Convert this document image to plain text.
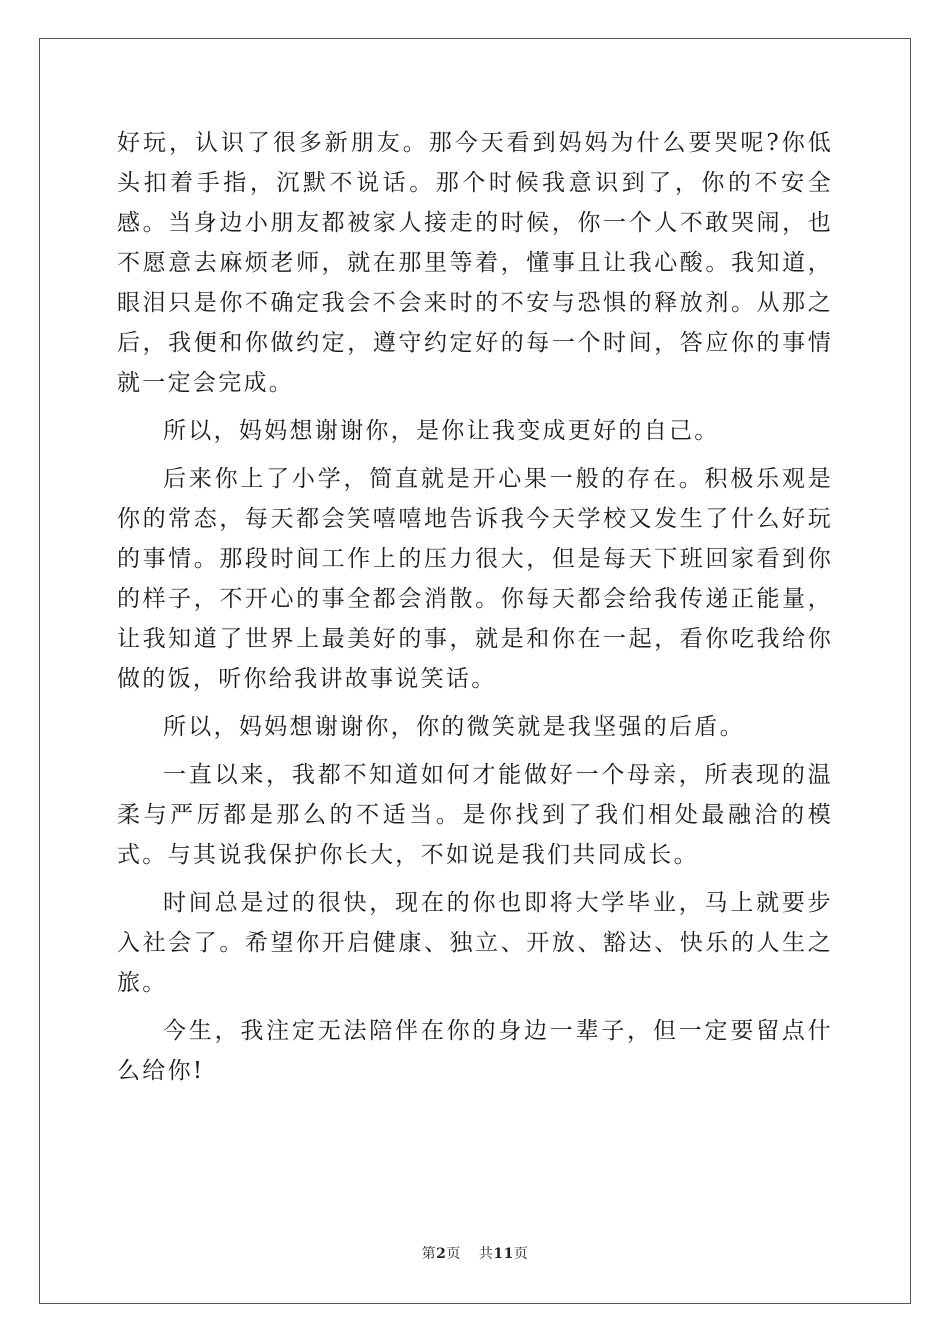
好玩，认识了很多新朋友。那今天看到妈妈为什么要哭呢?你低头扣着手指，沉默不说话。那个时候我意识到了，你的不安全感。当身边小朋友都被家人接走的时候，你一个人不敢哭闹，也不愿意去麻烦老师，就在那里等着，懂事且让我心酸。我知道，眼泪只是你不确定我会不会来时的不安与恐惧的释放剂。从那之后，我便和你做约定，遵守约定好的每一个时间，答应你的事情就一定会完成。

所以，妈妈想谢谢你，是你让我变成更好的自己。

后来你上了小学，简直就是开心果一般的存在。积极乐观是你的常态，每天都会笑嘻嘻地告诉我今天学校又发生了什么好玩的事情。那段时间工作上的压力很大，但是每天下班回家看到你的样子，不开心的事全都会消散。你每天都会给我传递正能量，让我知道了世界上最美好的事，就是和你在一起，看你吃我给你做的饭，听你给我讲故事说笑话。

所以，妈妈想谢谢你，你的微笑就是我坚强的后盾。

一直以来，我都不知道如何才能做好一个母亲，所表现的温柔与严厉都是那么的不适当。是你找到了我们相处最融洽的模式。与其说我保护你长大，不如说是我们共同成长。

时间总是过的很快，现在的你也即将大学毕业，马上就要步入社会了。希望你开启健康、独立、开放、豁达、快乐的人生之旅。

今生，我注定无法陪伴在你的身边一辈子，但一定要留点什么给你!

第2页 共11页
